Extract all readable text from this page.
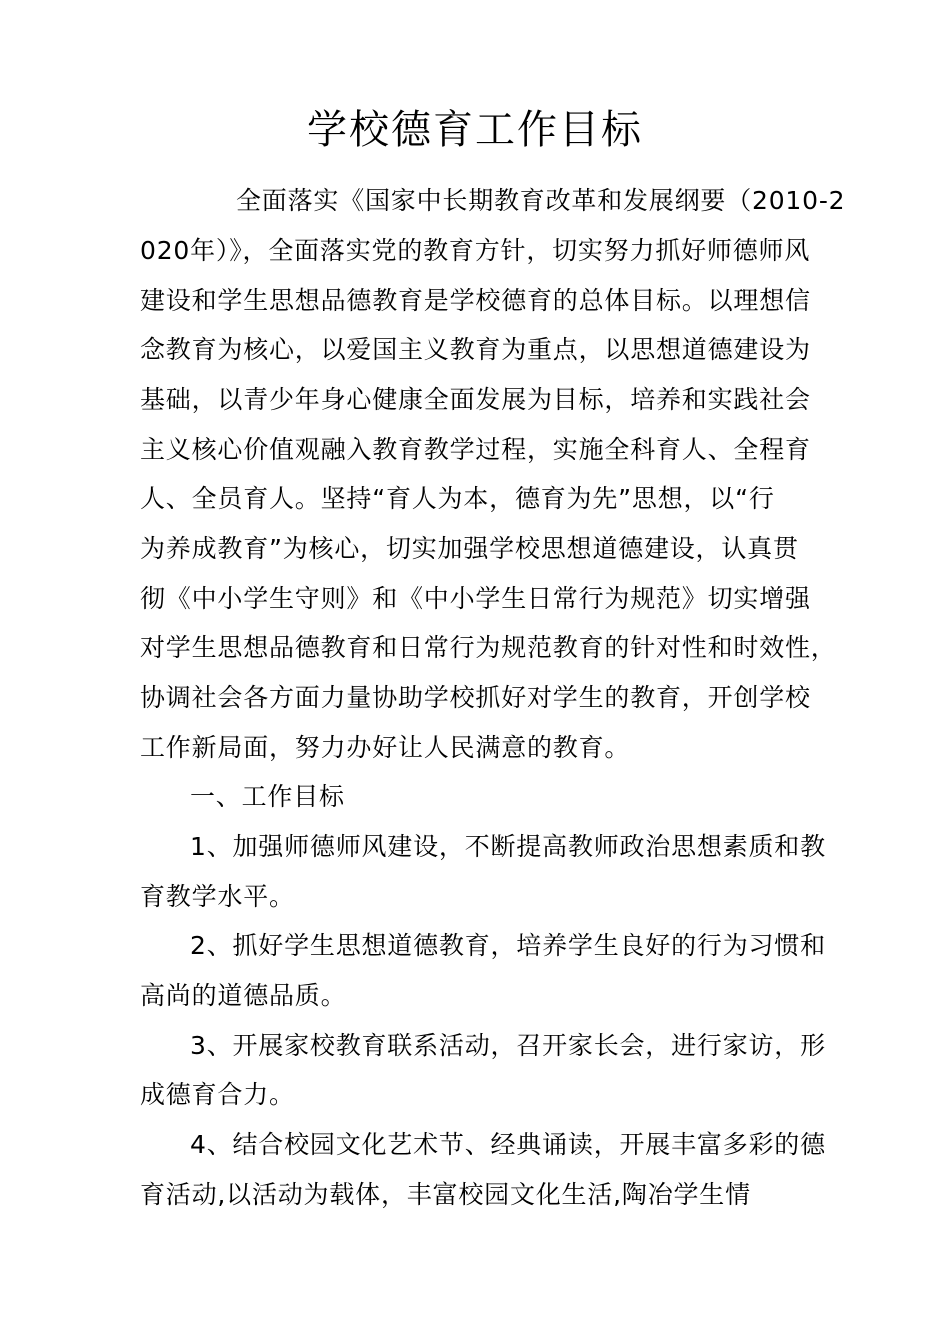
学校德育工作目标
全面落实《国家中长期教育改革和发展纲要（2010-2
020年）》，全面落实党的教育方针，切实努力抓好师德师风
建设和学生思想品德教育是学校德育的总体目标。以理想信
念教育为核心，以爱国主义教育为重点，以思想道德建设为
基础，以青少年身心健康全面发展为目标，培养和实践社会
主义核心价值观融入教育教学过程，实施全科育人、全程育
人、全员育人。坚持“育人为本，德育为先”思想，以“行
为养成教育”为核心，切实加强学校思想道德建设，认真贯
彻《中小学生守则》和《中小学生日常行为规范》切实增强
对学生思想品德教育和日常行为规范教育的针对性和时效性，
协调社会各方面力量协助学校抓好对学生的教育，开创学校
工作新局面，努力办好让人民满意的教育。
一、工作目标
1、加强师德师风建设，不断提高教师政治思想素质和教
育教学水平。
2、抓好学生思想道德教育，培养学生良好的行为习惯和
高尚的道德品质。
3、开展家校教育联系活动，召开家长会，进行家访，形
成德育合力。
4、结合校园文化艺术节、经典诵读，开展丰富多彩的德
育活动,以活动为载体，丰富校园文化生活,陶冶学生情
